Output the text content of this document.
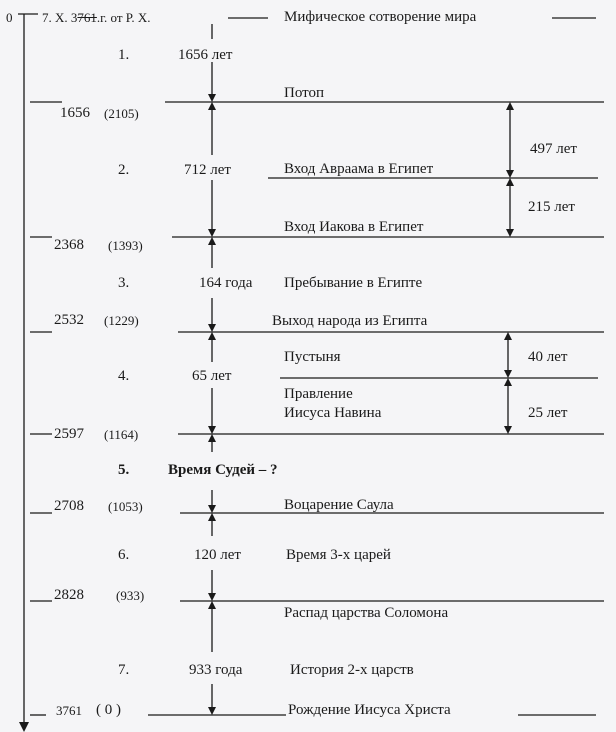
0 7. Х. 3761.г. от Р. Х.	Мифическое сотворение мира
1.
2.
3.
4.
5.
6.
7.
1656 лет
712 лет
164 года
65 лет
Время Судей – ?
120 лет
933 года
1656 (2105)
2368 (1393)
2532 (1229)
2597 (1164)
2708 (1053)
2828 (933)
3761 ( 0 )
Потоп
Вход Авраама в Египет
Вход Иакова в Египет
Пребывание в Египте
Выход народа из Египта
Пустыня
Правление
Иисуса Навина
Воцарение Саула
Время 3-х царей
Распад царства Соломона
История 2-х царств
Рождение Иисуса Христа
497 лет
215 лет
40 лет
25 лет
